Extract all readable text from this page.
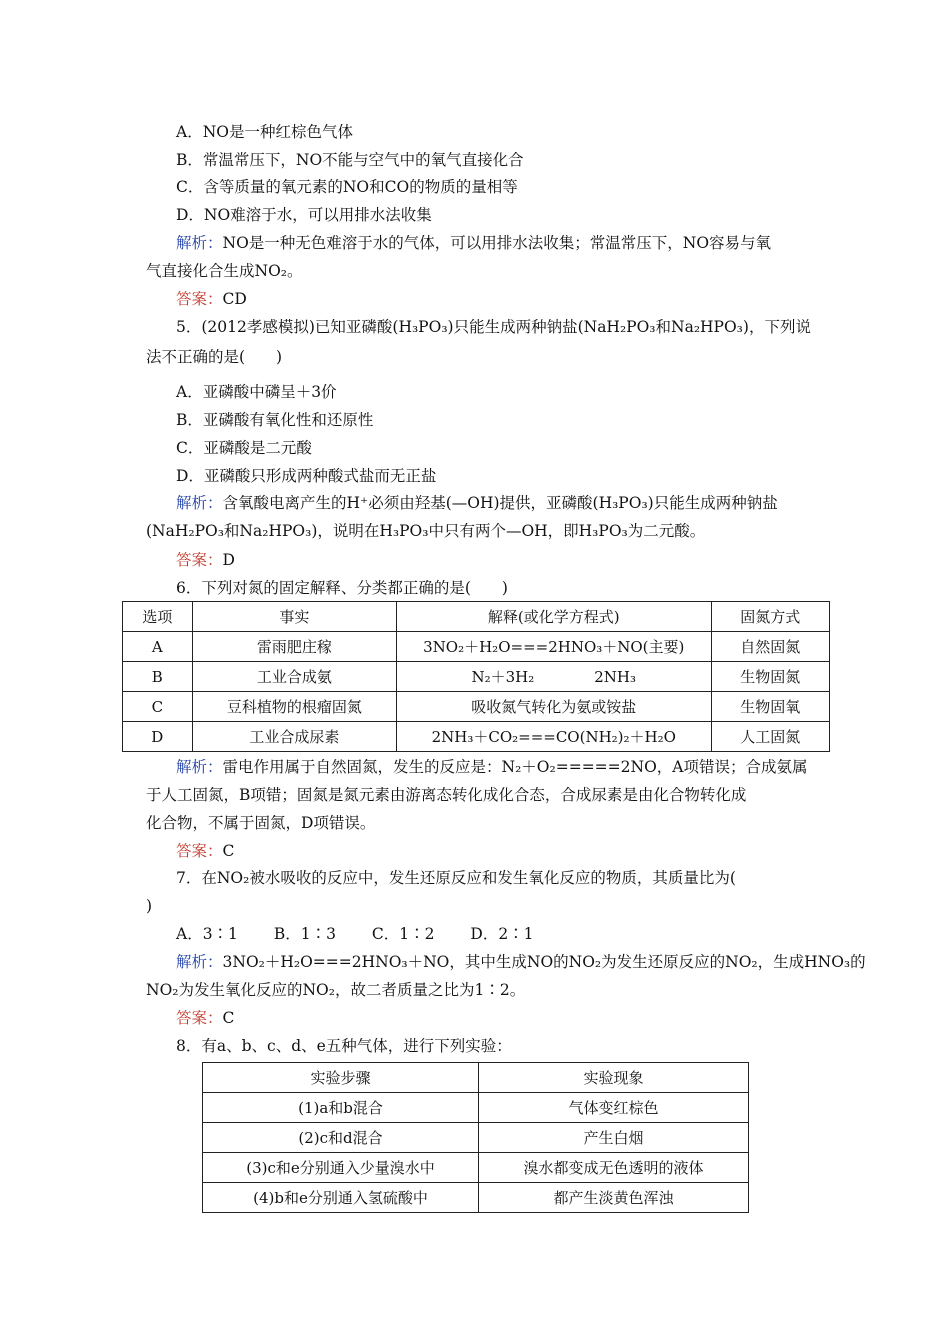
A．NO是一种红棕色气体
B．常温常压下，NO不能与空气中的氧气直接化合
C．含等质量的氧元素的NO和CO的物质的量相等
D．NO难溶于水，可以用排水法收集
解析：NO是一种无色难溶于水的气体，可以用排水法收集；常温常压下，NO容易与氧
气直接化合生成NO₂。
答案：CD
5．(2012孝感模拟)已知亚磷酸(H₃PO₃)只能生成两种钠盐(NaH₂PO₃和Na₂HPO₃)，下列说
法不正确的是(　　)
A．亚磷酸中磷呈＋3价
B．亚磷酸有氧化性和还原性
C．亚磷酸是二元酸
D．亚磷酸只形成两种酸式盐而无正盐
解析：含氧酸电离产生的H⁺必须由羟基(—OH)提供，亚磷酸(H₃PO₃)只能生成两种钠盐
(NaH₂PO₃和Na₂HPO₃)，说明在H₃PO₃中只有两个—OH，即H₃PO₃为二元酸。
答案：D
6．下列对氮的固定解释、分类都正确的是(　　)
选项	事实	解释(或化学方程式)	固氮方式
A	雷雨肥庄稼	3NO₂＋H₂O===2HNO₃＋NO(主要)	自然固氮
B	工业合成氨	N₂＋3H₂　　　　2NH₃	生物固氮
C	豆科植物的根瘤固氮	吸收氮气转化为氨或铵盐	生物固氧
D	工业合成尿素	2NH₃＋CO₂===CO(NH₂)₂＋H₂O	人工固氮
解析：雷电作用属于自然固氮，发生的反应是：N₂＋O₂=====2NO，A项错误；合成氨属
于人工固氮，B项错；固氮是氮元素由游离态转化成化合态，合成尿素是由化合物转化成
化合物，不属于固氮，D项错误。
答案：C
7．在NO₂被水吸收的反应中，发生还原反应和发生氧化反应的物质，其质量比为(
)
A．3∶1　　 B．1∶3　　 C．1∶2　　 D．2∶1
解析：3NO₂＋H₂O===2HNO₃＋NO，其中生成NO的NO₂为发生还原反应的NO₂，生成HNO₃的
NO₂为发生氧化反应的NO₂，故二者质量之比为1∶2。
答案：C
8．有a、b、c、d、e五种气体，进行下列实验：
实验步骤	实验现象
(1)a和b混合	气体变红棕色
(2)c和d混合	产生白烟
(3)c和e分别通入少量溴水中	溴水都变成无色透明的液体
(4)b和e分别通入氢硫酸中	都产生淡黄色浑浊
